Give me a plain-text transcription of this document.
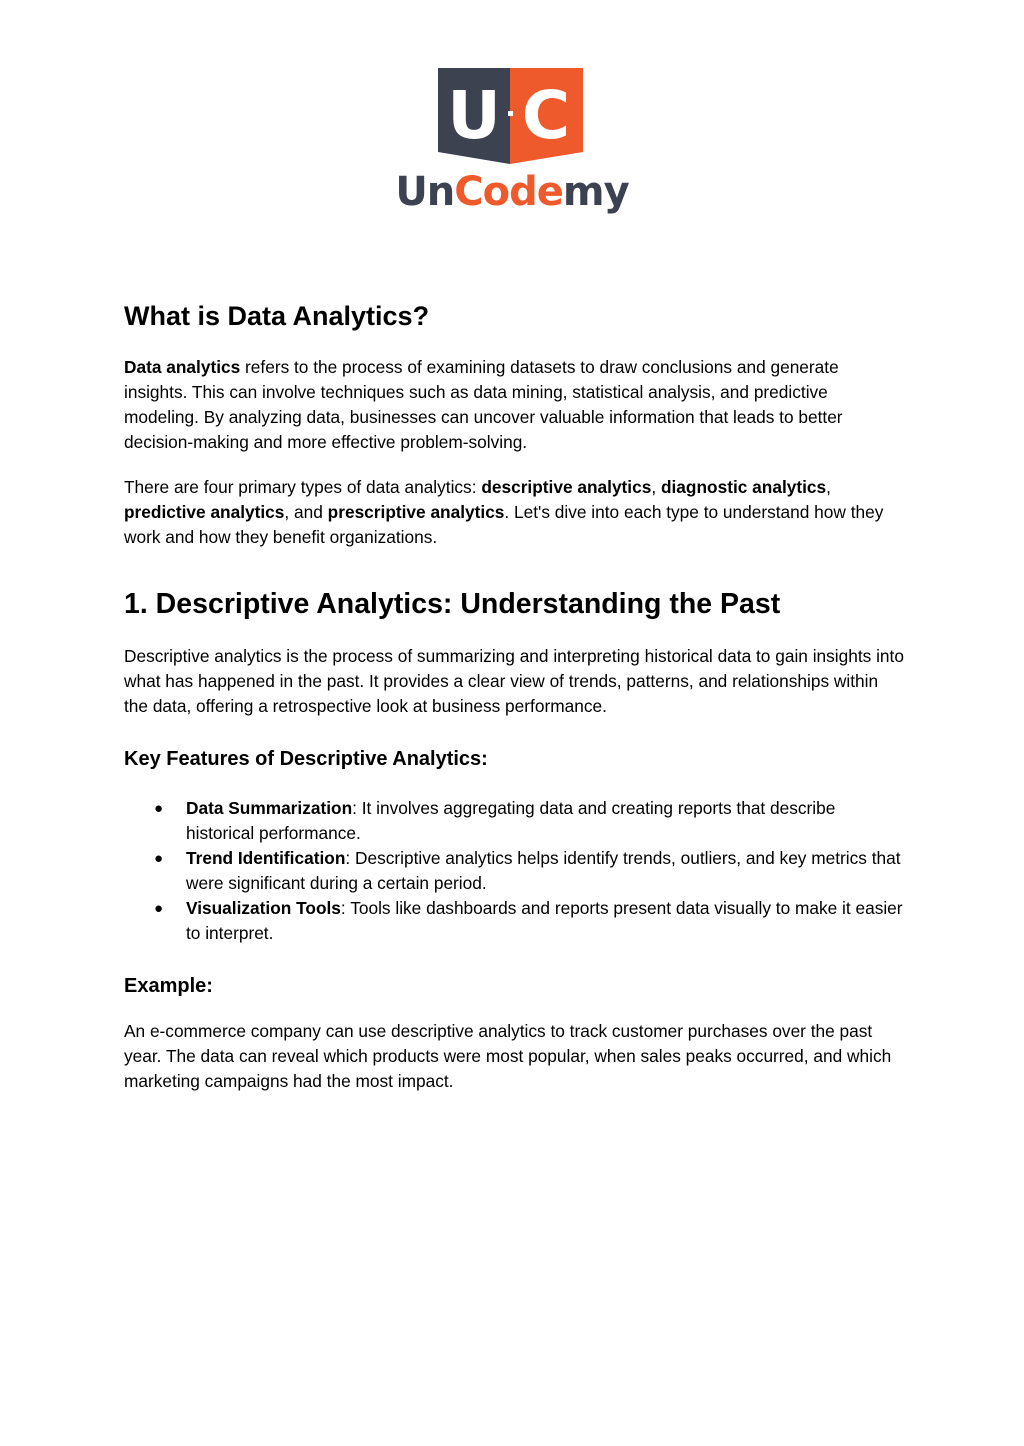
U C
UnCodemy
What is Data Analytics?

Data analytics refers to the process of examining datasets to draw conclusions and generate insights. This can involve techniques such as data mining, statistical analysis, and predictive modeling. By analyzing data, businesses can uncover valuable information that leads to better decision-making and more effective problem-solving.

There are four primary types of data analytics: descriptive analytics, diagnostic analytics, predictive analytics, and prescriptive analytics. Let's dive into each type to understand how they work and how they benefit organizations.

1. Descriptive Analytics: Understanding the Past

Descriptive analytics is the process of summarizing and interpreting historical data to gain insights into what has happened in the past. It provides a clear view of trends, patterns, and relationships within the data, offering a retrospective look at business performance.

Key Features of Descriptive Analytics:
● Data Summarization: It involves aggregating data and creating reports that describe historical performance.
● Trend Identification: Descriptive analytics helps identify trends, outliers, and key metrics that were significant during a certain period.
● Visualization Tools: Tools like dashboards and reports present data visually to make it easier to interpret.
Example:

An e-commerce company can use descriptive analytics to track customer purchases over the past year. The data can reveal which products were most popular, when sales peaks occurred, and which marketing campaigns had the most impact.
